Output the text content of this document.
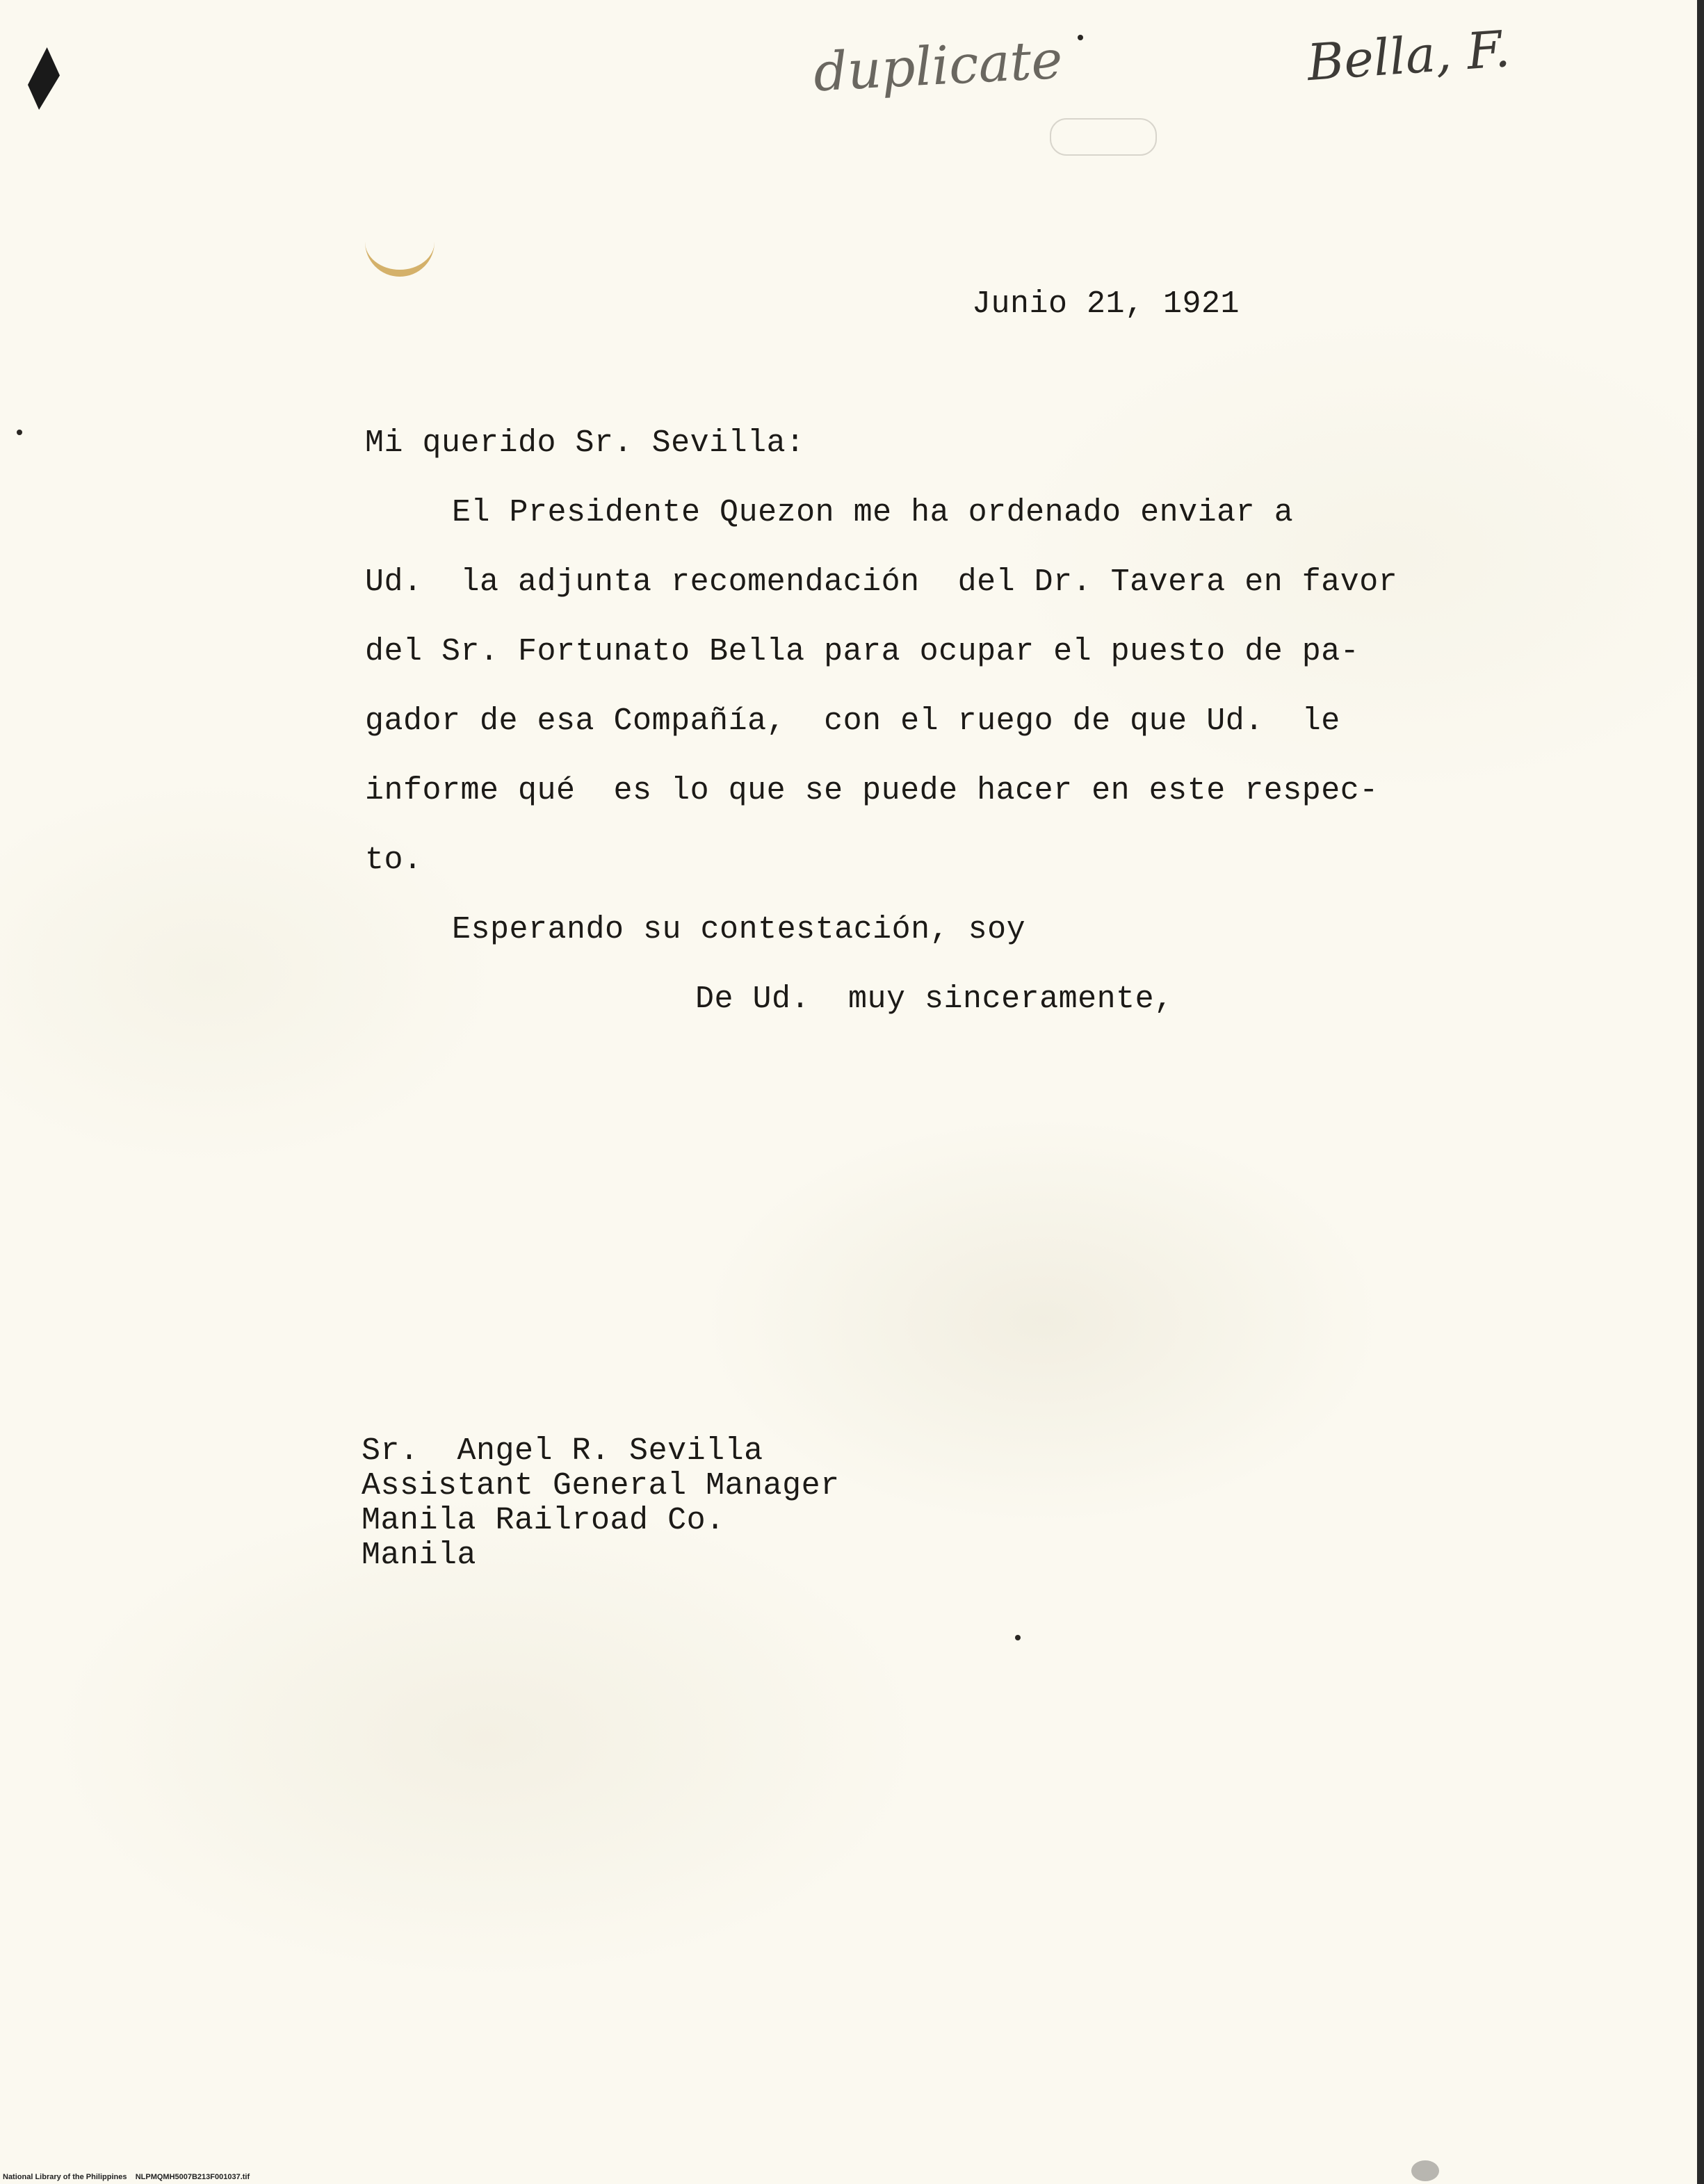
duplicate	Bella, F.
Junio 21, 1921
Mi querido Sr. Sevilla:
El Presidente Quezon me ha ordenado enviar a
Ud.  la adjunta recomendación  del Dr. Tavera en favor
del Sr. Fortunato Bella para ocupar el puesto de pa-
gador de esa Compañía,  con el ruego de que Ud.  le
informe qué  es lo que se puede hacer en este respec-
to.
Esperando su contestación, soy
De Ud.  muy sinceramente,
Sr.  Angel R. Sevilla
Assistant General Manager
Manila Railroad Co.
Manila
National Library of the Philippines    NLPMQMH5007B213F001037.tif
